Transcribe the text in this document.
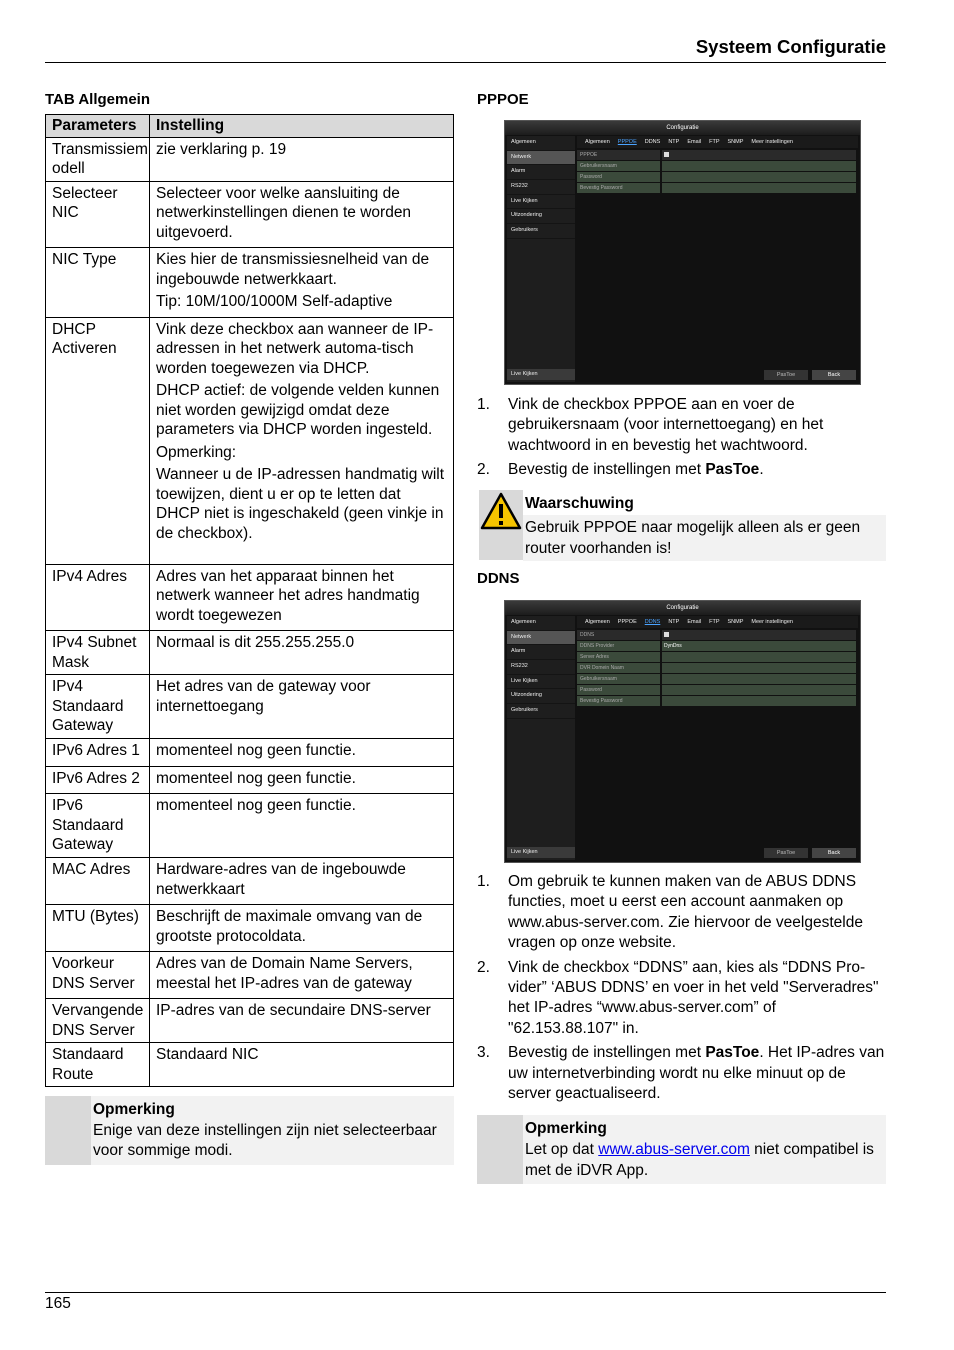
Systeem Configuratie
TAB Allgemein
Parameters	Instelling
Transmissiem odell	zie verklaring p. 19

Selecteer NIC	Selecteer voor welke aansluiting de netwerkinstellingen dienen te worden uitgevoerd.

NIC Type	Kies hier de transmissiesnelheid van de ingebouwde netwerkkaart.
Tip: 10M/100/1000M Self-adaptive

DHCP Activeren	Vink deze checkbox aan wanneer de IP-adressen in het netwerk automa-tisch worden toegewezen via DHCP.
DHCP actief: de volgende velden kunnen niet worden gewijzigd omdat deze parameters via DHCP worden ingesteld.
Opmerking:
Wanneer u de IP-adressen handmatig wilt toewijzen, dient u er op te letten dat DHCP niet is ingeschakeld (geen vinkje in de checkbox).

IPv4 Adres	Adres van het apparaat binnen het netwerk wanneer het adres handmatig wordt toegewezen

IPv4 Subnet Mask	Normaal is dit 255.255.255.0

IPv4 Standaard Gateway	Het adres van de gateway voor internettoegang

IPv6 Adres 1	momenteel nog geen functie.

IPv6 Adres 2	momenteel nog geen functie.

IPv6 Standaard Gateway	momenteel nog geen functie.

MAC Adres	Hardware-adres van de ingebouwde netwerkkaart

MTU (Bytes)	Beschrijft de maximale omvang van de grootste protocoldata.

Voorkeur DNS Server	Adres van de Domain Name Servers, meestal het IP-adres van de gateway

Vervangende DNS Server	IP-adres van de secundaire DNS-server

Standaard Route	Standaard NIC
Opmerking
Enige van deze instellingen zijn niet selecteerbaar voor sommige modi.
PPPOE
Configuratie
Algemeen
Netwerk
Alarm
RS232
Live Kijken
Uitzondering
Gebruikers
Live Kijken
Algemeen PPPOE DDNS NTP Email FTP SNMP Meer instellingen
PPPOE
Gebruikersnaam
Password
Bevestig Password
PasToe	Back
1. Vink de checkbox PPPOE aan en voer de gebruikersnaam (voor internettoegang) en het wachtwoord in en bevestig het wachtwoord.
2. Bevestig de instellingen met PasToe.
Waarschuwing
Gebruik PPPOE naar mogelijk alleen als er geen router voorhanden is!
DDNS
Configuratie
Algemeen
Netwerk
Alarm
RS232
Live Kijken
Uitzondering
Gebruikers
Live Kijken
Algemeen PPPOE DDNS NTP Email FTP SNMP Meer instellingen
DDNS
DDNS Provider	DynDns
Server Adres
DVR Domein Naam
Gebruikersnaam
Password
Bevestig Password
PasToe	Back
1. Om gebruik te kunnen maken van de ABUS DDNS functies, moet u eerst een account aanmaken op www.abus-server.com. Zie hiervoor de veelgestelde vragen op onze website.
2. Vink de checkbox “DDNS” aan, kies als “DDNS Pro-vider” ‘ABUS DDNS’ en voer in het veld "Serveradres" het IP-adres “www.abus-server.com” of "62.153.88.107" in.
3. Bevestig de instellingen met PasToe. Het IP-adres van uw internetverbinding wordt nu elke minuut op de server geactualiseerd.
Opmerking
Let op dat www.abus-server.com niet compatibel is met de iDVR App.
165
